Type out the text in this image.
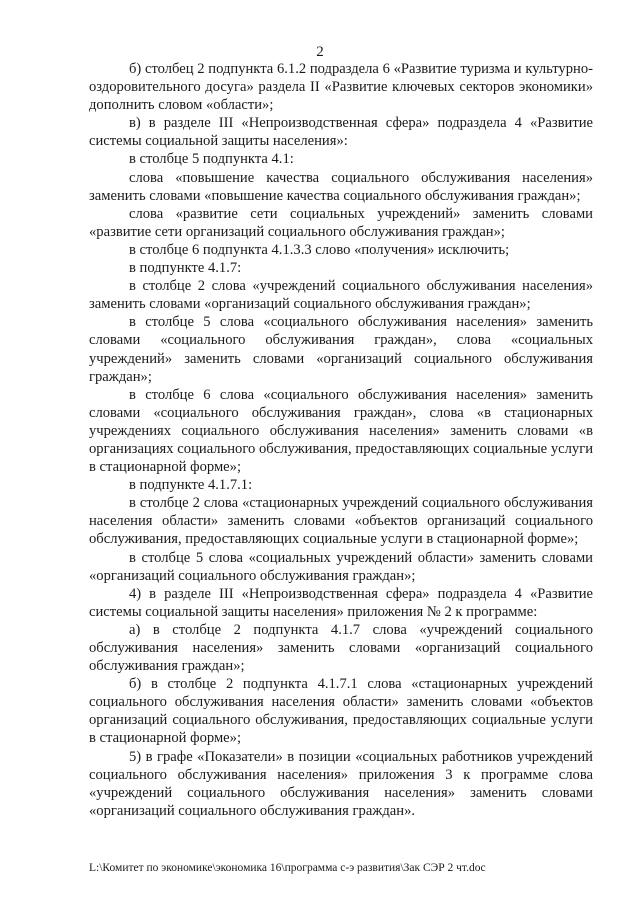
2

б) столбец 2 подпункта 6.1.2 подраздела 6 «Развитие туризма и культурно-оздоровительного досуга» раздела II «Развитие ключевых секторов экономики» дополнить словом «области»;

в) в разделе III «Непроизводственная сфера» подраздела 4 «Развитие системы социальной защиты населения»:

в столбце 5 подпункта 4.1:

слова «повышение качества социального обслуживания населения» заменить словами «повышение качества социального обслуживания граждан»;

слова «развитие сети социальных учреждений» заменить словами «развитие сети организаций социального обслуживания граждан»;

в столбце 6 подпункта 4.1.3.3 слово «получения» исключить;

в подпункте 4.1.7:

в столбце 2 слова «учреждений социального обслуживания населения» заменить словами «организаций социального обслуживания граждан»;

в столбце 5 слова «социального обслуживания населения» заменить словами «социального обслуживания граждан», слова «социальных учреждений» заменить словами «организаций социального обслуживания граждан»;

в столбце 6 слова «социального обслуживания населения» заменить словами «социального обслуживания граждан», слова «в стационарных учреждениях социального обслуживания населения» заменить словами «в организациях социального обслуживания, предоставляющих социальные услуги в стационарной форме»;

в подпункте 4.1.7.1:

в столбце 2 слова «стационарных учреждений социального обслуживания населения области» заменить словами «объектов организаций социального обслуживания, предоставляющих социальные услуги в стационарной форме»;

в столбце 5 слова «социальных учреждений области» заменить словами «организаций социального обслуживания граждан»;

4) в разделе III «Непроизводственная сфера» подраздела 4 «Развитие системы социальной защиты населения» приложения № 2 к программе:

а) в столбце 2 подпункта 4.1.7 слова «учреждений социального обслуживания населения» заменить словами «организаций социального обслуживания граждан»;

б) в столбце 2 подпункта 4.1.7.1 слова «стационарных учреждений социального обслуживания населения области» заменить словами «объектов организаций социального обслуживания, предоставляющих социальные услуги в стационарной форме»;

5) в графе «Показатели» в позиции «социальных работников учреждений социального обслуживания населения» приложения 3 к программе слова «учреждений социального обслуживания населения» заменить словами «организаций социального обслуживания граждан».

L:\Комитет по экономике\экономика 16\программа с-э развития\Зак СЭР 2 чт.doc
